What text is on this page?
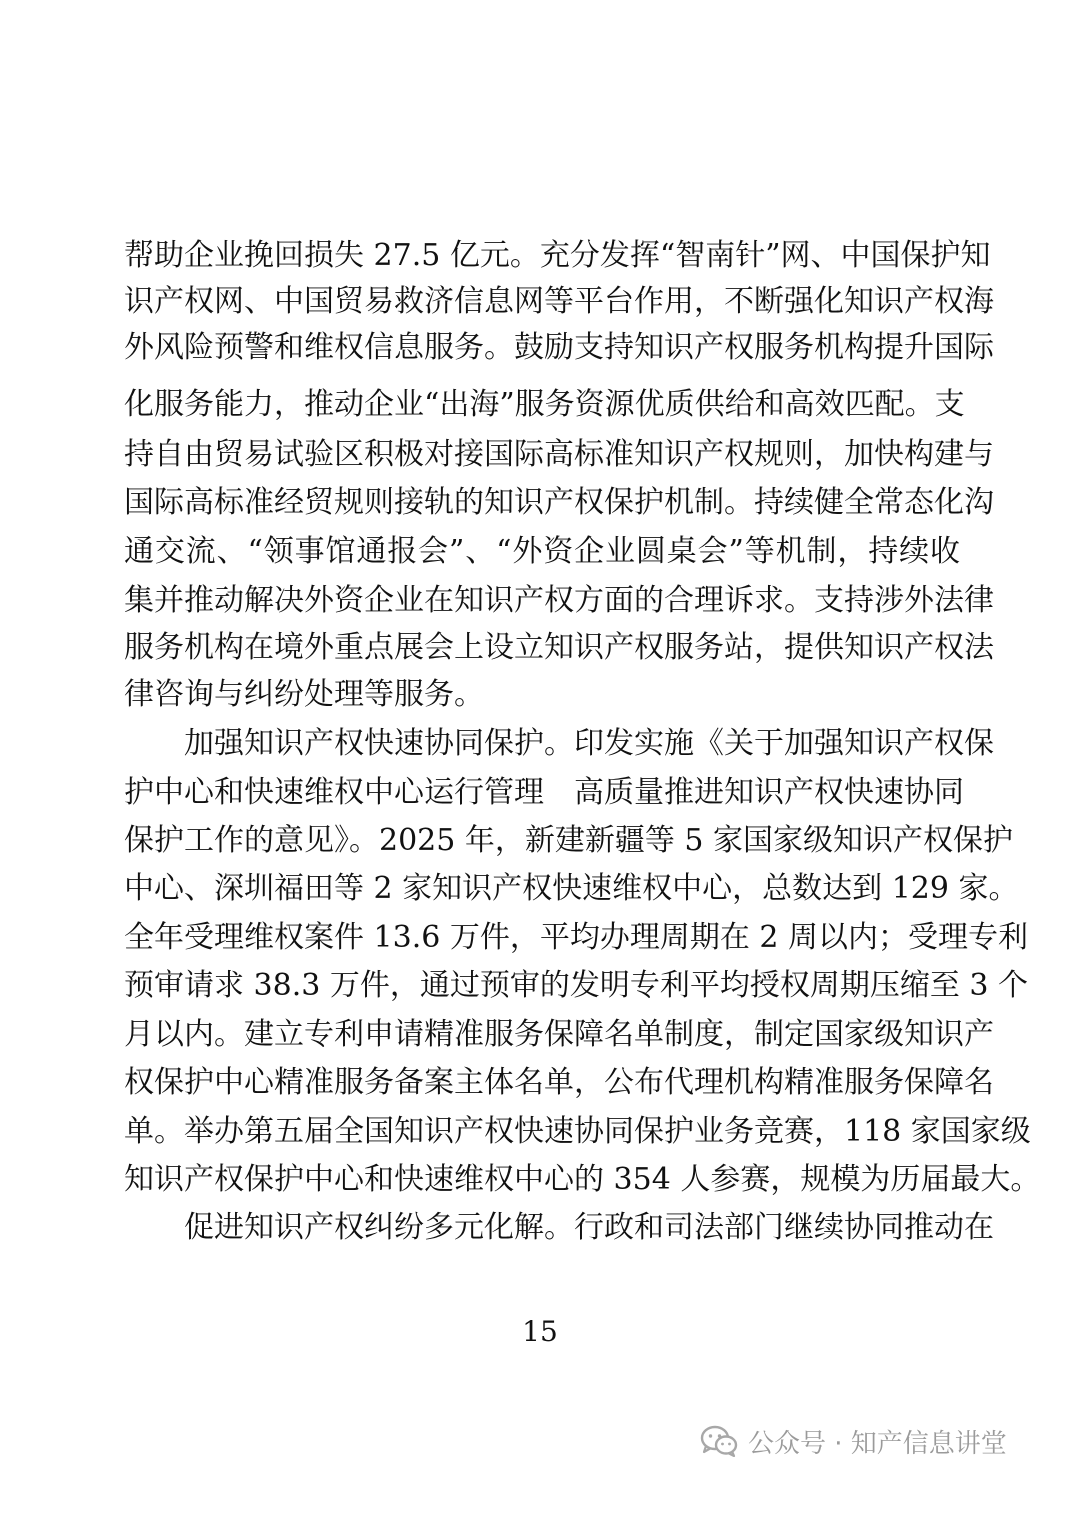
帮助企业挽回损失 27.5 亿元。充分发挥“智南针”网、中国保护知
识产权网、中国贸易救济信息网等平台作用，不断强化知识产权海
外风险预警和维权信息服务。鼓励支持知识产权服务机构提升国际
化服务能力，推动企业“出海”服务资源优质供给和高效匹配。支
持自由贸易试验区积极对接国际高标准知识产权规则，加快构建与
国际高标准经贸规则接轨的知识产权保护机制。持续健全常态化沟
通交流、“领事馆通报会”、“外资企业圆桌会”等机制，持续收
集并推动解决外资企业在知识产权方面的合理诉求。支持涉外法律
服务机构在境外重点展会上设立知识产权服务站，提供知识产权法
律咨询与纠纷处理等服务。
加强知识产权快速协同保护。印发实施《关于加强知识产权保
护中心和快速维权中心运行管理　高质量推进知识产权快速协同
保护工作的意见》。2025 年，新建新疆等 5 家国家级知识产权保护
中心、深圳福田等 2 家知识产权快速维权中心，总数达到 129 家。
全年受理维权案件 13.6 万件，平均办理周期在 2 周以内；受理专利
预审请求 38.3 万件，通过预审的发明专利平均授权周期压缩至 3 个
月以内。建立专利申请精准服务保障名单制度，制定国家级知识产
权保护中心精准服务备案主体名单，公布代理机构精准服务保障名
单。举办第五届全国知识产权快速协同保护业务竞赛，118 家国家级
知识产权保护中心和快速维权中心的 354 人参赛，规模为历届最大。
促进知识产权纠纷多元化解。行政和司法部门继续协同推动在
15
公众号 · 知产信息讲堂
